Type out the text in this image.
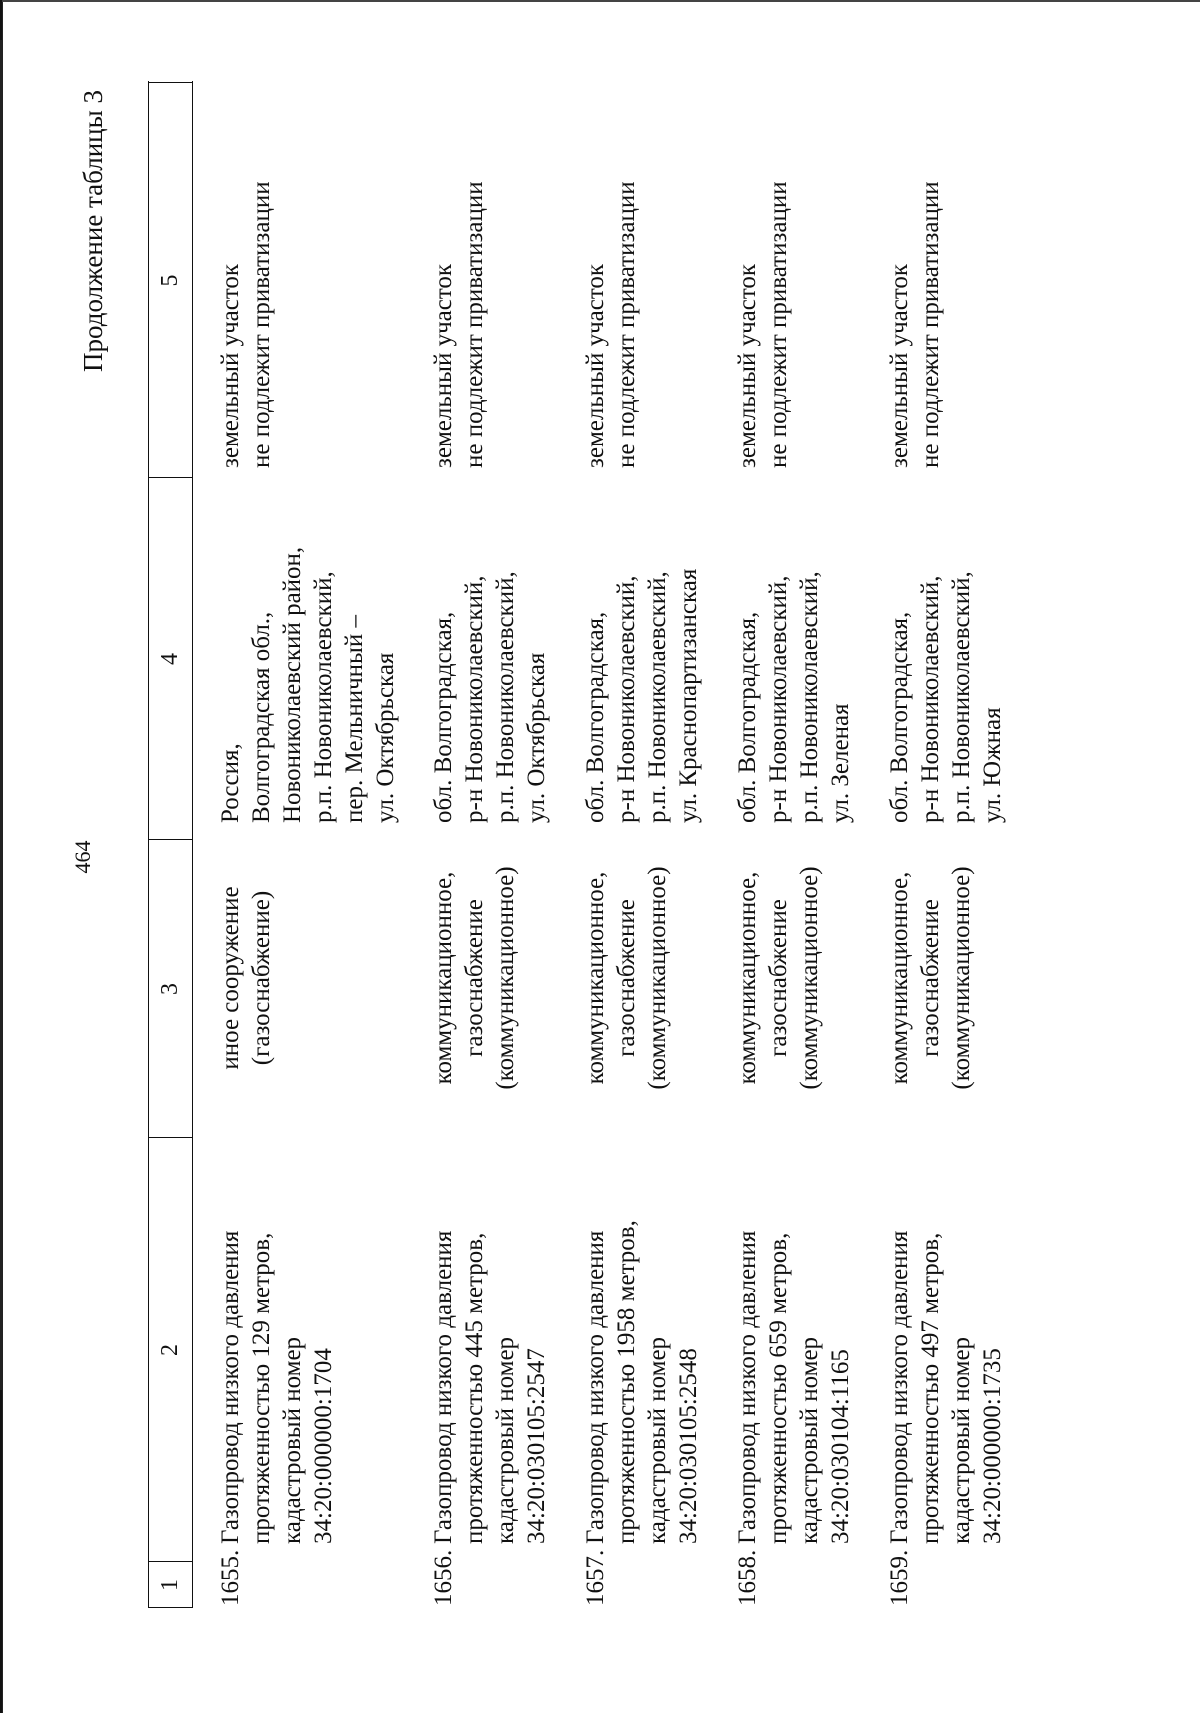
464
Продолжение таблицы 3
1
2
3
4
5
1655.
Газопровод низкого давления протяженностью 129 метров, кадастровый номер 34:20:000000:1704
иное сооружение (газоснабжение)
Россия, Волгоградская обл., Новониколаевский район, р.п. Новониколаевский, пер. Мельничный – ул. Октябрьская
земельный участок не подлежит приватизации
1656.
Газопровод низкого давления протяженностью 445 метров, кадастровый номер 34:20:030105:2547
коммуникационное, газоснабжение (коммуникационное)
обл. Волгоградская, р-н Новониколаевский, р.п. Новониколаевский, ул. Октябрьская
земельный участок не подлежит приватизации
1657.
Газопровод низкого давления протяженностью 1958 метров, кадастровый номер 34:20:030105:2548
коммуникационное, газоснабжение (коммуникационное)
обл. Волгоградская, р-н Новониколаевский, р.п. Новониколаевский, ул. Краснопартизанская
земельный участок не подлежит приватизации
1658.
Газопровод низкого давления протяженностью 659 метров, кадастровый номер 34:20:030104:1165
коммуникационное, газоснабжение (коммуникационное)
обл. Волгоградская, р-н Новониколаевский, р.п. Новониколаевский, ул. Зеленая
земельный участок не подлежит приватизации
1659.
Газопровод низкого давления протяженностью 497 метров, кадастровый номер 34:20:000000:1735
коммуникационное, газоснабжение (коммуникационное)
обл. Волгоградская, р-н Новониколаевский, р.п. Новониколаевский, ул. Южная
земельный участок не подлежит приватизации
